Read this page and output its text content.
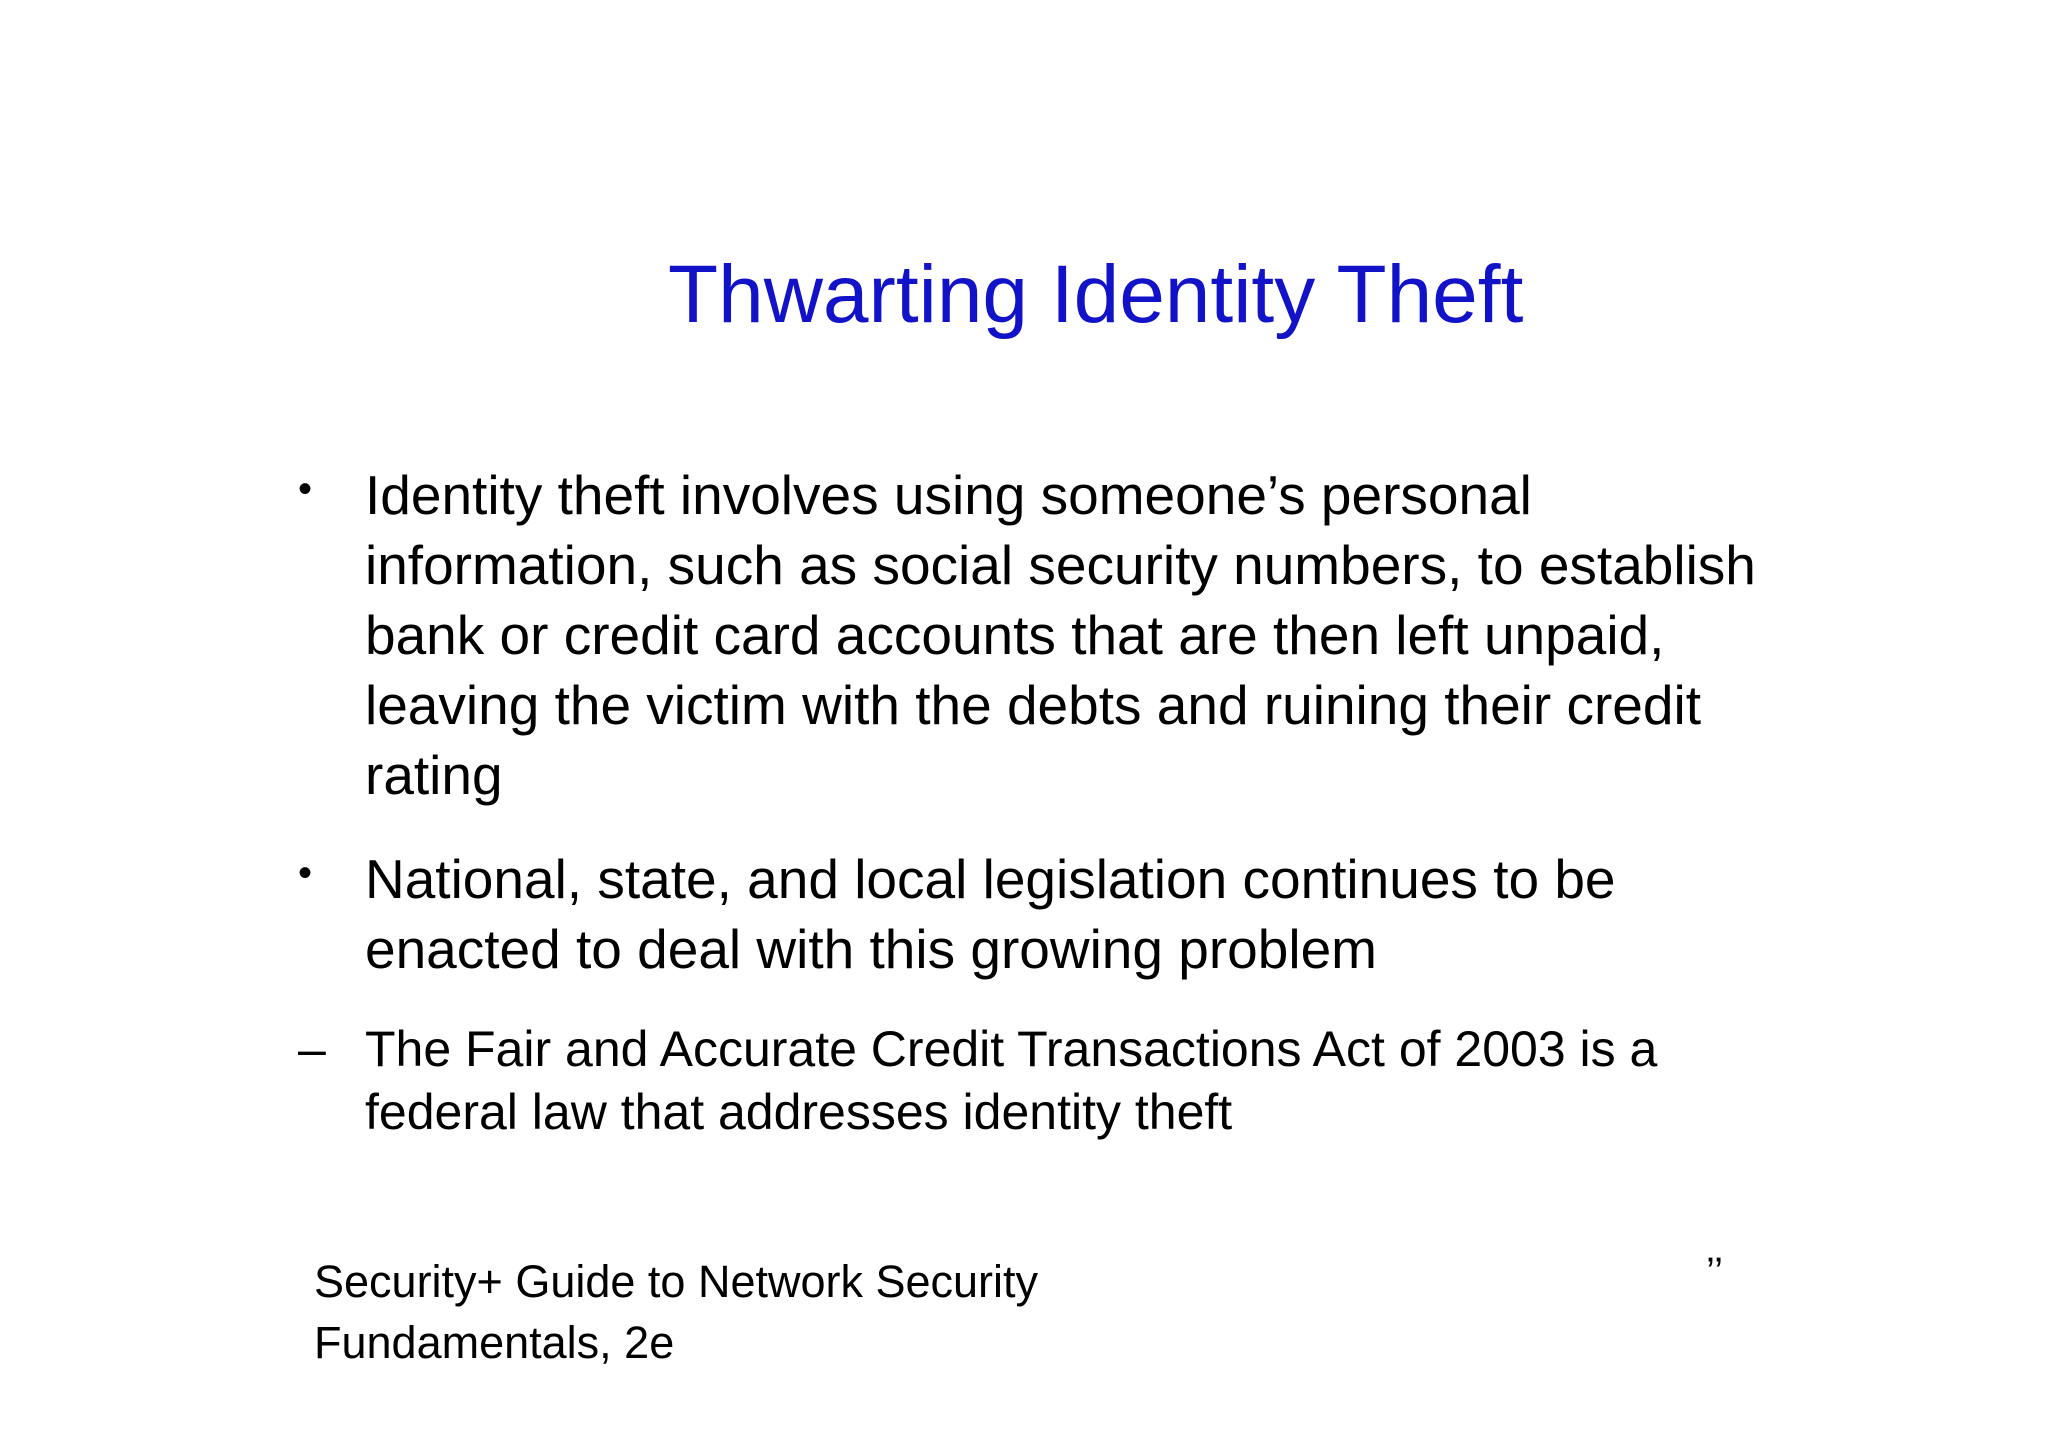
Thwarting Identity Theft
• Identity theft involves using someone’s personal information, such as social security numbers, to establish bank or credit card accounts that are then left unpaid, leaving the victim with the debts and ruining their credit rating
• National, state, and local legislation continues to be enacted to deal with this growing problem
– The Fair and Accurate Credit Transactions Act of 2003 is a federal law that addresses identity theft
Security+ Guide to Network Security
Fundamentals, 2e
’’
